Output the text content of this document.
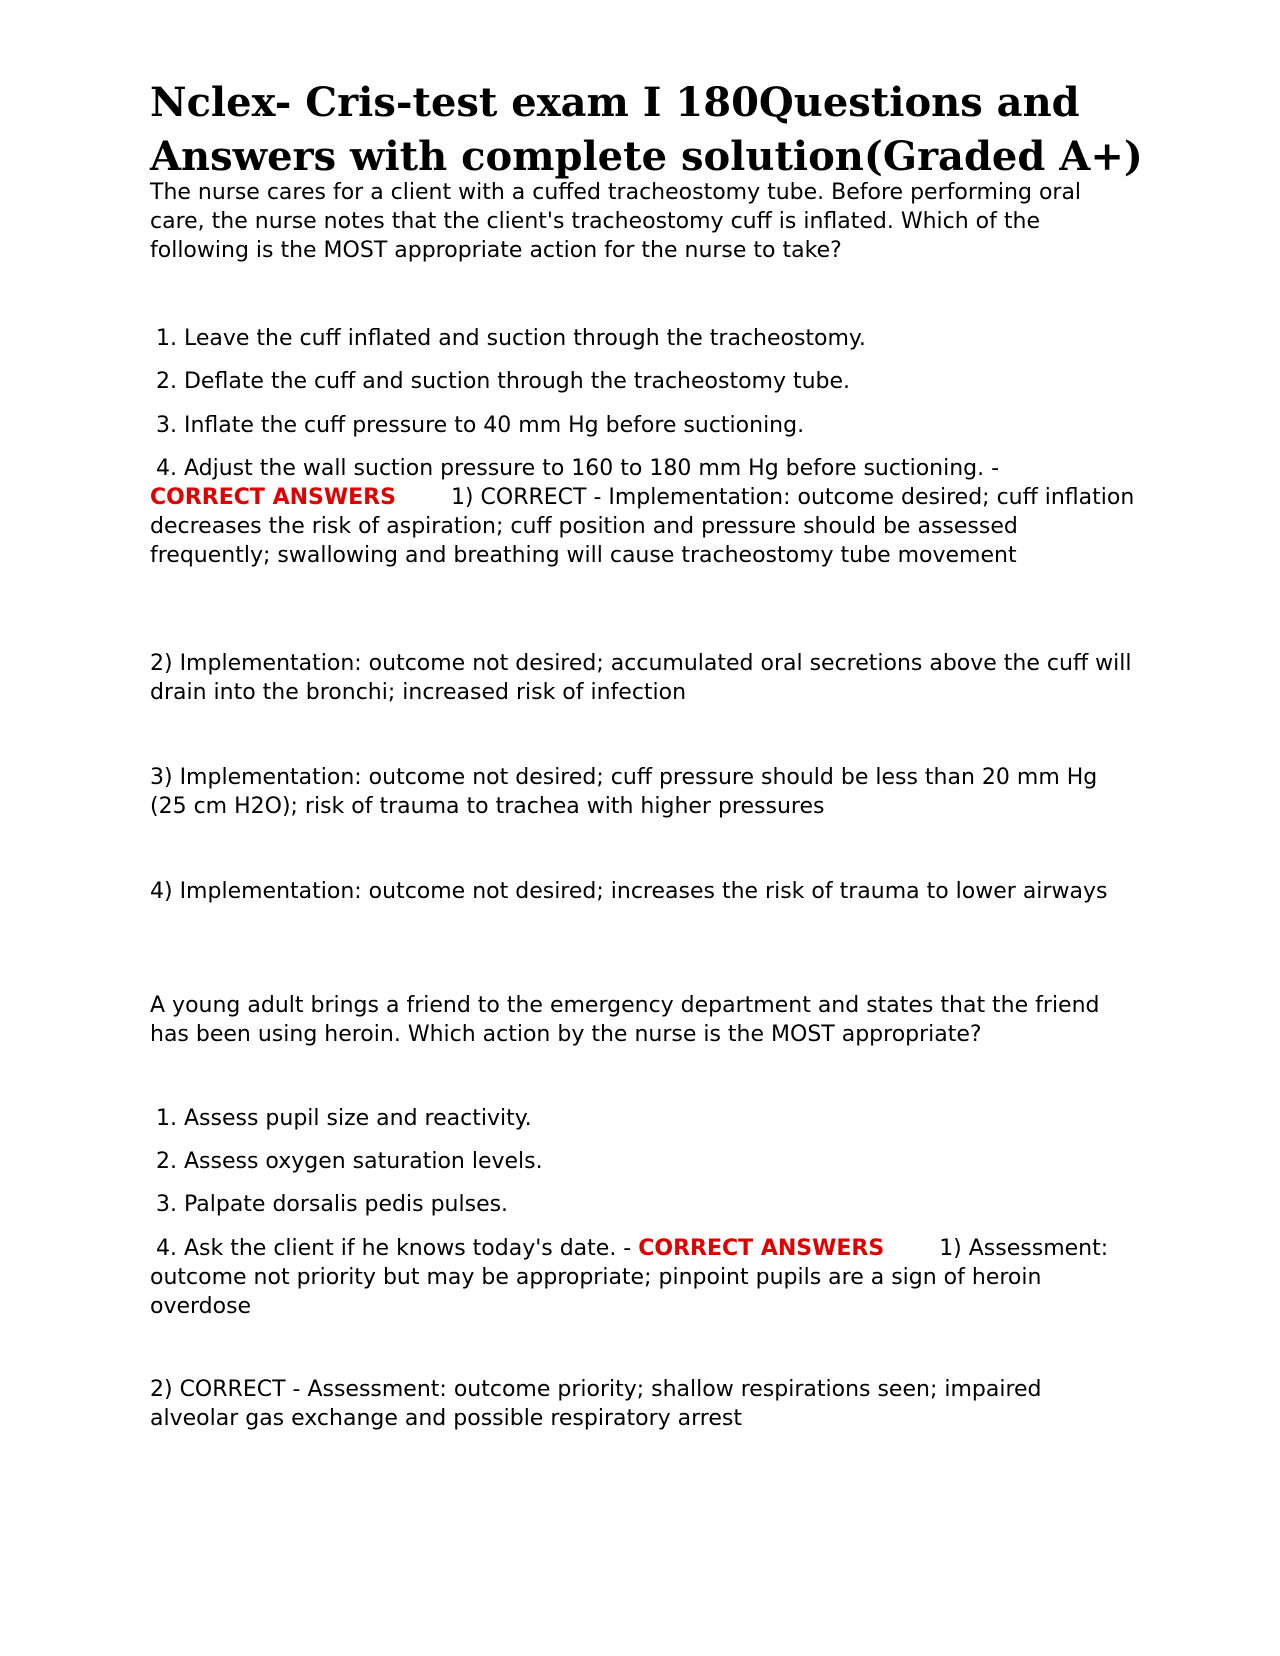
Nclex- Cris-test exam I 180Questions and Answers with complete solution(Graded A+)

The nurse cares for a client with a cuffed tracheostomy tube. Before performing oral care, the nurse notes that the client's tracheostomy cuff is inflated. Which of the following is the MOST appropriate action for the nurse to take?

1. Leave the cuff inflated and suction through the tracheostomy.

2. Deflate the cuff and suction through the tracheostomy tube.

3. Inflate the cuff pressure to 40 mm Hg before suctioning.

4. Adjust the wall suction pressure to 160 to 180 mm Hg before suctioning. -
CORRECT ANSWERS	1) CORRECT - Implementation: outcome desired; cuff inflation decreases the risk of aspiration; cuff position and pressure should be assessed frequently; swallowing and breathing will cause tracheostomy tube movement

2) Implementation: outcome not desired; accumulated oral secretions above the cuff will drain into the bronchi; increased risk of infection

3) Implementation: outcome not desired; cuff pressure should be less than 20 mm Hg (25 cm H2O); risk of trauma to trachea with higher pressures

4) Implementation: outcome not desired; increases the risk of trauma to lower airways

A young adult brings a friend to the emergency department and states that the friend has been using heroin. Which action by the nurse is the MOST appropriate?

1. Assess pupil size and reactivity.

2. Assess oxygen saturation levels.

3. Palpate dorsalis pedis pulses.

4. Ask the client if he knows today's date. - CORRECT ANSWERS	1) Assessment: outcome not priority but may be appropriate; pinpoint pupils are a sign of heroin overdose

2) CORRECT - Assessment: outcome priority; shallow respirations seen; impaired alveolar gas exchange and possible respiratory arrest
